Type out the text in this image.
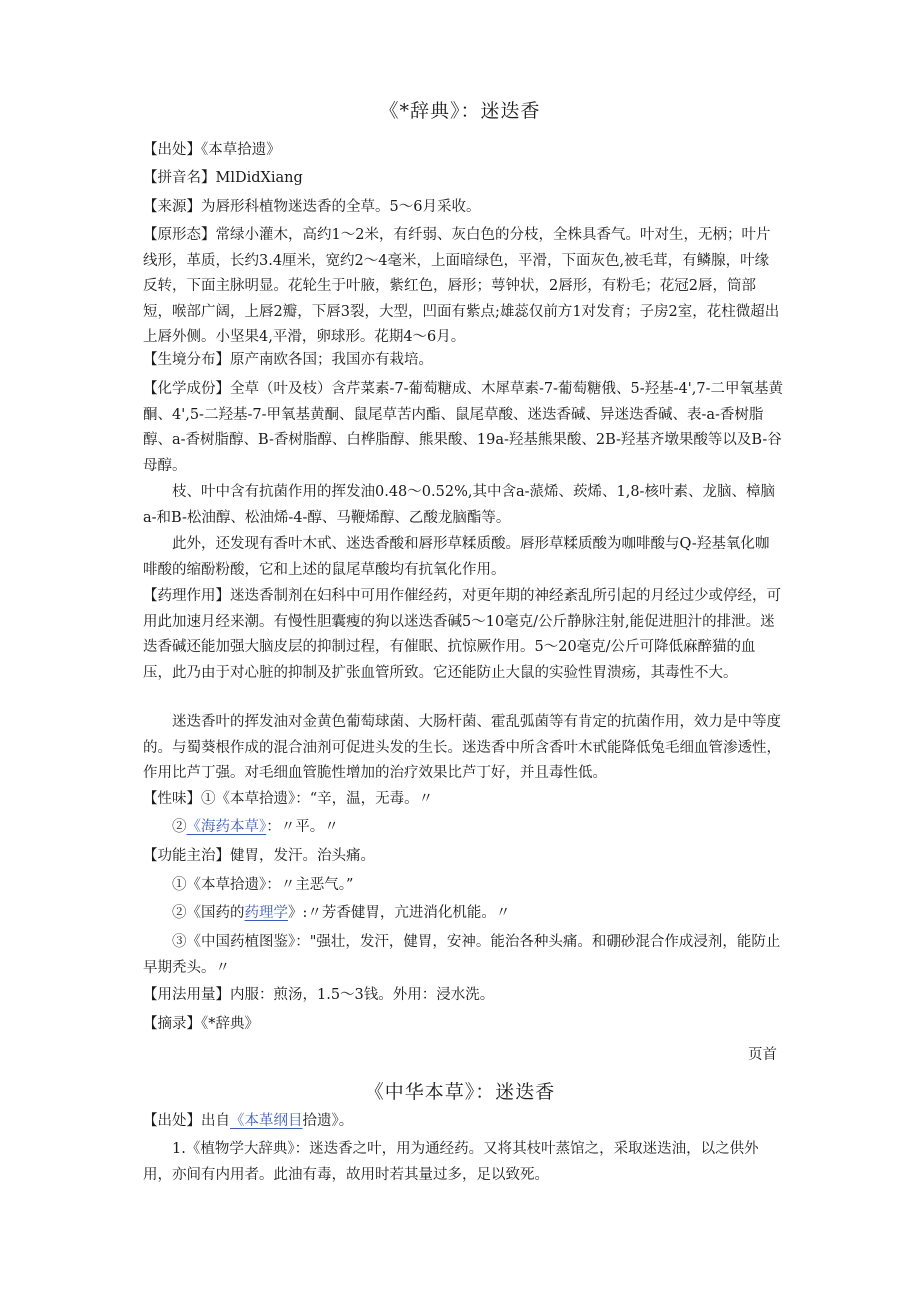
《*辞典》：迷迭香

【出处】《本草拾遗》

【拼音名】MlDidXiang

【来源】为唇形科植物迷迭香的全草。5～6月采收。

【原形态】常绿小灌木，高约1～2米，有纤弱、灰白色的分枝，全株具香气。叶对生，无柄；叶片线形，革质，长约3.4厘米，宽约2～4毫米，上面暗绿色，平滑，下面灰色,被毛茸，有鳞腺，叶缘反转，下面主脉明显。花轮生于叶腋，紫红色，唇形；萼钟状，2唇形，有粉毛；花冠2唇，筒部短，喉部广阔，上唇2瓣，下唇3裂，大型，凹面有紫点;雄蕊仅前方1对发育；子房2室，花柱微超出上唇外侧。小坚果4,平滑，卵球形。花期4～6月。

【生境分布】原产南欧各国；我国亦有栽培。

【化学成份】全草（叶及枝）含芹菜素-7-葡萄糖成、木犀草素-7-葡萄糖俄、5-羟基-4',7-二甲氧基黄酮、4',5-二羟基-7-甲氧基黄酮、鼠尾草苦内酯、鼠尾草酸、迷迭香碱、异迷迭香碱、表-a-香树脂醇、a-香树脂醇、B-香树脂醇、白桦脂醇、熊果酸、19a-羟基熊果酸、2B-羟基齐墩果酸等以及B-谷母醇。

枝、叶中含有抗菌作用的挥发油0.48～0.52%,其中含a-蒎烯、莰烯、1,8-核叶素、龙脑、樟脑a-和B-松油醇、松油烯-4-醇、马鞭烯醇、乙酸龙脑酯等。

此外，还发现有香叶木甙、迷迭香酸和唇形草糅质酸。唇形草糅质酸为咖啡酸与Q-羟基氧化咖啡酸的缩酚粉酸，它和上述的鼠尾草酸均有抗氧化作用。

【药理作用】迷迭香制剂在妇科中可用作催经药，对更年期的神经紊乱所引起的月经过少或停经，可用此加速月经来潮。有慢性胆囊瘦的狗以迷迭香碱5～10毫克/公斤静脉注射,能促进胆汁的排泄。迷迭香碱还能加强大脑皮层的抑制过程，有催眠、抗惊厥作用。5～20毫克/公斤可降低麻醉猫的血压，此乃由于对心脏的抑制及扩张血管所致。它还能防止大鼠的实验性胃溃疡，其毒性不大。

迷迭香叶的挥发油对金黄色葡萄球菌、大肠杆菌、霍乱弧菌等有肯定的抗菌作用，效力是中等度的。与蜀葵根作成的混合油剂可促进头发的生长。迷迭香中所含香叶木甙能降低兔毛细血管渗透性，作用比芦丁强。对毛细血管脆性增加的治疗效果比芦丁好，并且毒性低。

【性味】①《本草拾遗》：“辛，温，无毒。〃

②《海药本草》：〃平。〃

【功能主治】健胃，发汗。治头痛。

①《本草拾遗》：〃主恶气。”

②《国药的药理学》:〃芳香健胃，亢进消化机能。〃

③《中国药植图鉴》："强壮，发汗，健胃，安神。能治各种头痛。和硼砂混合作成浸剂，能防止早期秃头。〃

【用法用量】内服：煎汤，1.5～3钱。外用：浸水洗。

【摘录】《*辞典》

页首
《中华本草》：迷迭香

【出处】出自《本革纲目拾遗》。

1.《植物学大辞典》：迷迭香之叶，用为通经药。又将其枝叶蒸馆之，采取迷迭油，以之供外用，亦间有内用者。此油有毒，故用时若其量过多，足以致死。
